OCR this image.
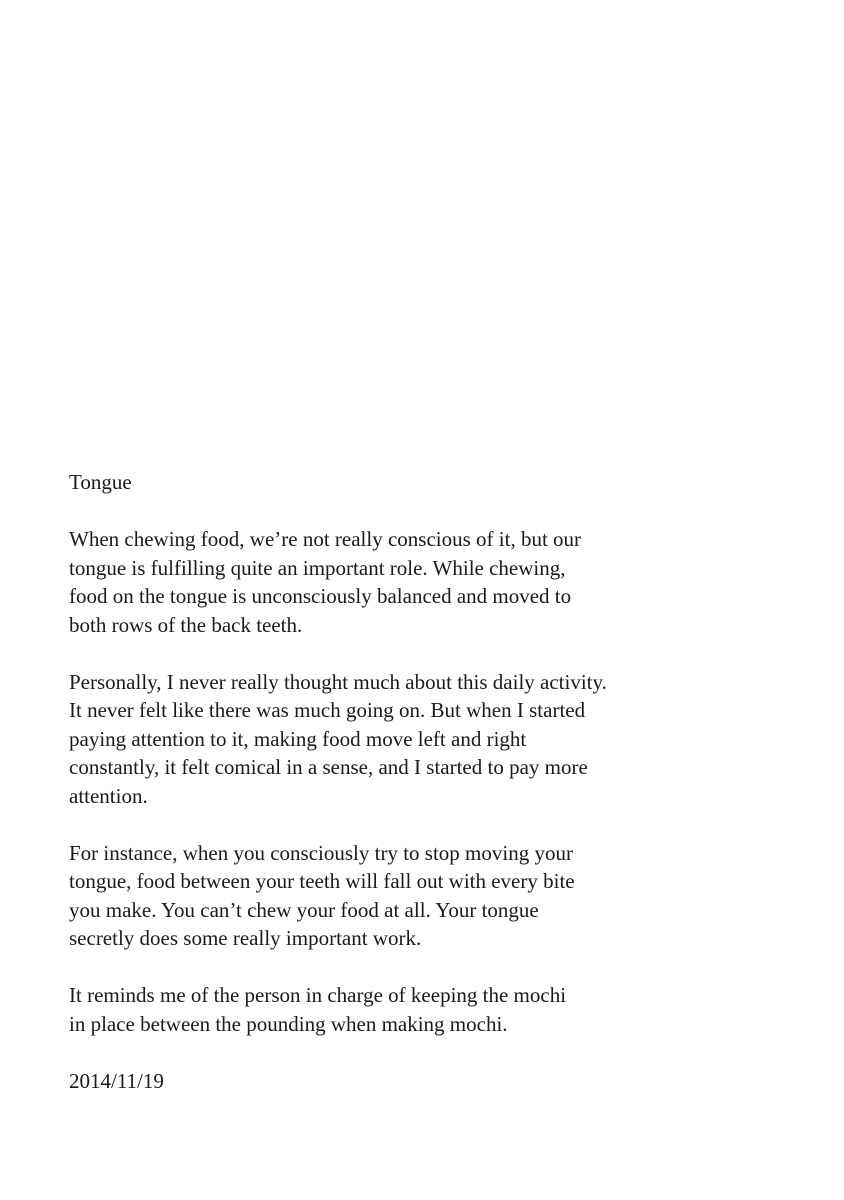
Tongue

When chewing food, we’re not really conscious of it, but our
tongue is fulfilling quite an important role. While chewing,
food on the tongue is unconsciously balanced and moved to
both rows of the back teeth.
Personally, I never really thought much about this daily activity.
It never felt like there was much going on. But when I started
paying attention to it, making food move left and right
constantly, it felt comical in a sense, and I started to pay more
attention.
For instance, when you consciously try to stop moving your
tongue, food between your teeth will fall out with every bite
you make. You can’t chew your food at all. Your tongue
secretly does some really important work.
It reminds me of the person in charge of keeping the mochi
in place between the pounding when making mochi.

2014/11/19
